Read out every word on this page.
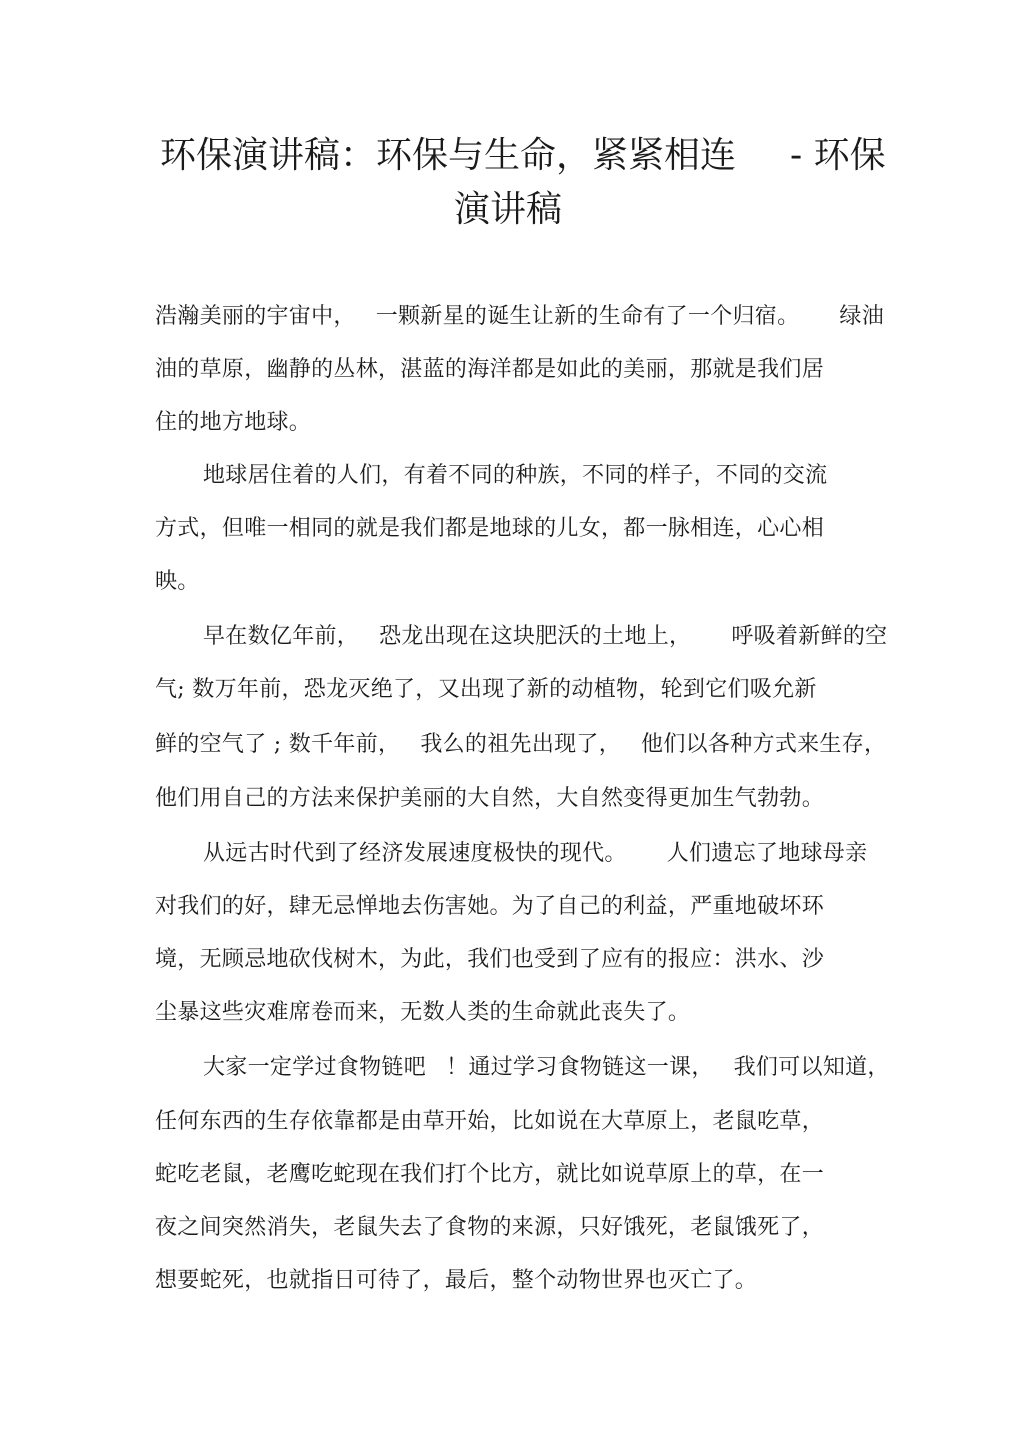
环保演讲稿：环保与生命，紧紧相连 - 环保
演讲稿
浩瀚美丽的宇宙中， 一颗新星的诞生让新的生命有了一个归宿。 绿油
油的草原，幽静的丛林，湛蓝的海洋都是如此的美丽，那就是我们居
住的地方地球。
地球居住着的人们，有着不同的种族，不同的样子，不同的交流
方式，但唯一相同的就是我们都是地球的儿女，都一脉相连，心心相
映。
早在数亿年前， 恐龙出现在这块肥沃的土地上， 呼吸着新鲜的空
气; 数万年前，恐龙灭绝了，又出现了新的动植物，轮到它们吸允新
鲜的空气了 ; 数千年前， 我么的祖先出现了， 他们以各种方式来生存，
他们用自己的方法来保护美丽的大自然，大自然变得更加生气勃勃。
从远古时代到了经济发展速度极快的现代。 人们遗忘了地球母亲
对我们的好，肆无忌惮地去伤害她。为了自己的利益，严重地破坏环
境，无顾忌地砍伐树木，为此，我们也受到了应有的报应：洪水、沙
尘暴这些灾难席卷而来，无数人类的生命就此丧失了。
大家一定学过食物链吧 ！通过学习食物链这一课， 我们可以知道，
任何东西的生存依靠都是由草开始，比如说在大草原上，老鼠吃草，
蛇吃老鼠，老鹰吃蛇现在我们打个比方，就比如说草原上的草，在一
夜之间突然消失，老鼠失去了食物的来源，只好饿死，老鼠饿死了，
想要蛇死，也就指日可待了，最后，整个动物世界也灭亡了。
